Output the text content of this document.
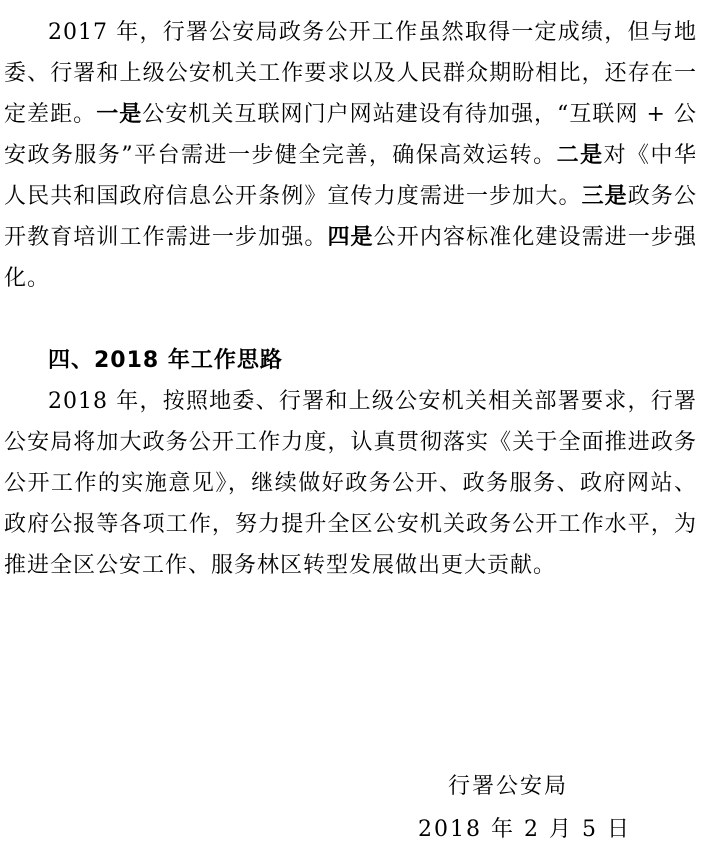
2017 年，行署公安局政务公开工作虽然取得一定成绩，但与地委、行署和上级公安机关工作要求以及人民群众期盼相比，还存在一定差距。一是公安机关互联网门户网站建设有待加强，“互联网 + 公安政务服务”平台需进一步健全完善，确保高效运转。二是对《中华人民共和国政府信息公开条例》宣传力度需进一步加大。三是政务公开教育培训工作需进一步加强。四是公开内容标准化建设需进一步强化。

四、2018 年工作思路

2018 年，按照地委、行署和上级公安机关相关部署要求，行署公安局将加大政务公开工作力度，认真贯彻落实《关于全面推进政务公开工作的实施意见》，继续做好政务公开、政务服务、政府网站、政府公报等各项工作，努力提升全区公安机关政务公开工作水平，为推进全区公安工作、服务林区转型发展做出更大贡献。

行署公安局

2018 年 2 月 5 日
